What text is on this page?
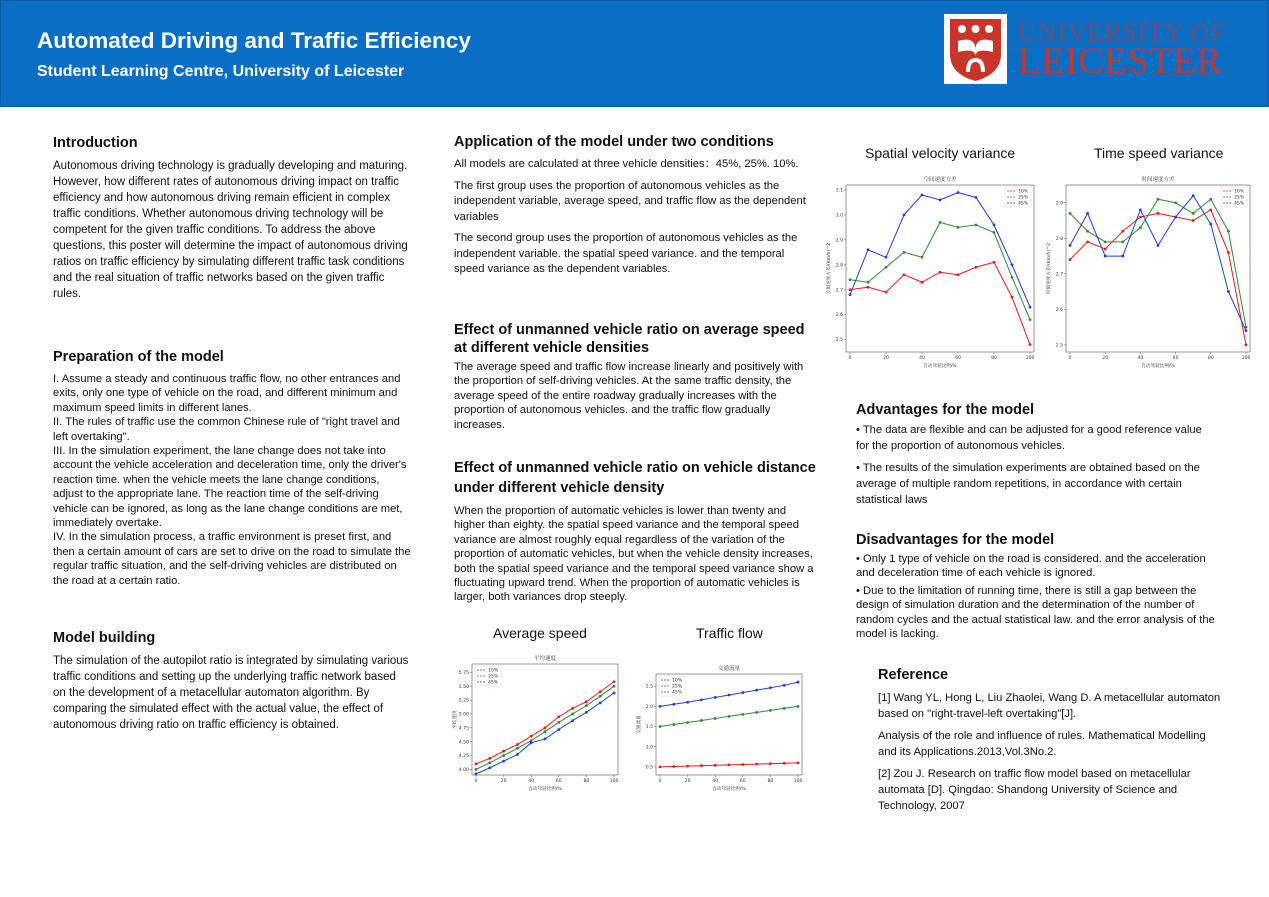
Automated Driving and Traffic Efficiency
Student Learning Centre, University of Leicester
UNIVERSITY OF
LEICESTER
Introduction
Autonomous driving technology is gradually developing and maturing. However, how different rates of autonomous driving impact on traffic efficiency and how autonomous driving remain efficient in complex traffic conditions. Whether autonomous driving technology will be competent for the given traffic conditions. To address the above questions, this poster will determine the impact of autonomous driving ratios on traffic efficiency by simulating different traffic task conditions and the real situation of traffic networks based on the given traffic rules.
Preparation of the model
I. Assume a steady and continuous traffic flow, no other entrances and exits, only one type of vehicle on the road, and different minimum and maximum speed limits in different lanes.
II. The rules of traffic use the common Chinese rule of "right travel and left overtaking".
III. In the simulation experiment, the lane change does not take into account the vehicle acceleration and deceleration time, only the driver's reaction time. when the vehicle meets the lane change conditions, adjust to the appropriate lane. The reaction time of the self-driving vehicle can be ignored, as long as the lane change conditions are met, immediately overtake.
IV. In the simulation process, a traffic environment is preset first, and then a certain amount of cars are set to drive on the road to simulate the regular traffic situation, and the self-driving vehicles are distributed on the road at a certain ratio.
Model building
The simulation of the autopilot ratio is integrated by simulating various traffic conditions and setting up the underlying traffic network based on the development of a metacellular automaton algorithm. By comparing the simulated effect with the actual value, the effect of autonomous driving ratio on traffic efficiency is obtained.
Application of the model under two conditions
All models are calculated at three vehicle densities：45%, 25%. 10%.
The first group uses the proportion of autonomous vehicles as the independent variable, average speed, and traffic flow as the dependent variables
The second group uses the proportion of autonomous vehicles as the independent variable. the spatial speed variance. and the temporal speed variance as the dependent variables.
Effect of unmanned vehicle ratio on average speed at different vehicle densities
The average speed and traffic flow increase linearly and positively with the proportion of self-driving vehicles. At the same traffic density, the average speed of the entire roadway gradually increases with the proportion of autonomous vehicles. and the traffic flow gradually increases.
Effect of unmanned vehicle ratio on vehicle distance under different vehicle density
When the proportion of automatic vehicles is lower than twenty and higher than eighty. the spatial speed variance and the temporal speed variance are almost roughly equal regardless of the variation of the proportion of automatic vehicles, but when the vehicle density increases, both the spatial speed variance and the temporal speed variance show a fluctuating upward trend. When the proportion of automatic vehicles is larger, both variances drop steeply.
Average speed	Traffic flow
Spatial velocity variance	Time speed variance
平均速度
0	20	40	60	80	100
4.00
4.25
4.50
4.75
5.00
5.25
5.50
5.75
自动驾驶比例/%
平均速度
10%
25%
45%
交通流量
0	20	40	60	80	100
0.5
1.0
1.5
2.0
2.5
自动驾驶比例/%
交通流量
10%
25%
45%
空间速度方差
0	20	40	60	80	100
2.5
2.6
2.7
2.8
2.9
3.0
3.1
自动驾驶比例/%
空间速度方差/(km/h)^2
10%
25%
45%
时间速度方差
0	20	40	60	80	100
2.5
2.6
2.7
2.8
2.9
自动驾驶比例/%
时间速度方差/(km/h)^2
10%
25%
45%
Advantages for the model
• The data are flexible and can be adjusted for a good reference value for the proportion of autonomous vehicles.
• The results of the simulation experiments are obtained based on the average of multiple random repetitions, in accordance with certain statistical laws
Disadvantages for the model
• Only 1 type of vehicle on the road is considered. and the acceleration and deceleration time of each vehicle is ignored.
• Due to the limitation of running time, there is still a gap between the design of simulation duration and the determination of the number of random cycles and the actual statistical law. and the error analysis of the model is lacking.
Reference
[1] Wang YL, Hong L, Liu Zhaolei, Wang D. A metacellular automaton based on "right-travel-left overtaking"[J].
Analysis of the role and influence of rules. Mathematical Modelling and its Applications.2013,Vol.3No.2.
[2] Zou J. Research on traffic flow model based on metacellular automata [D]. Qingdao: Shandong University of Science and Technology, 2007
